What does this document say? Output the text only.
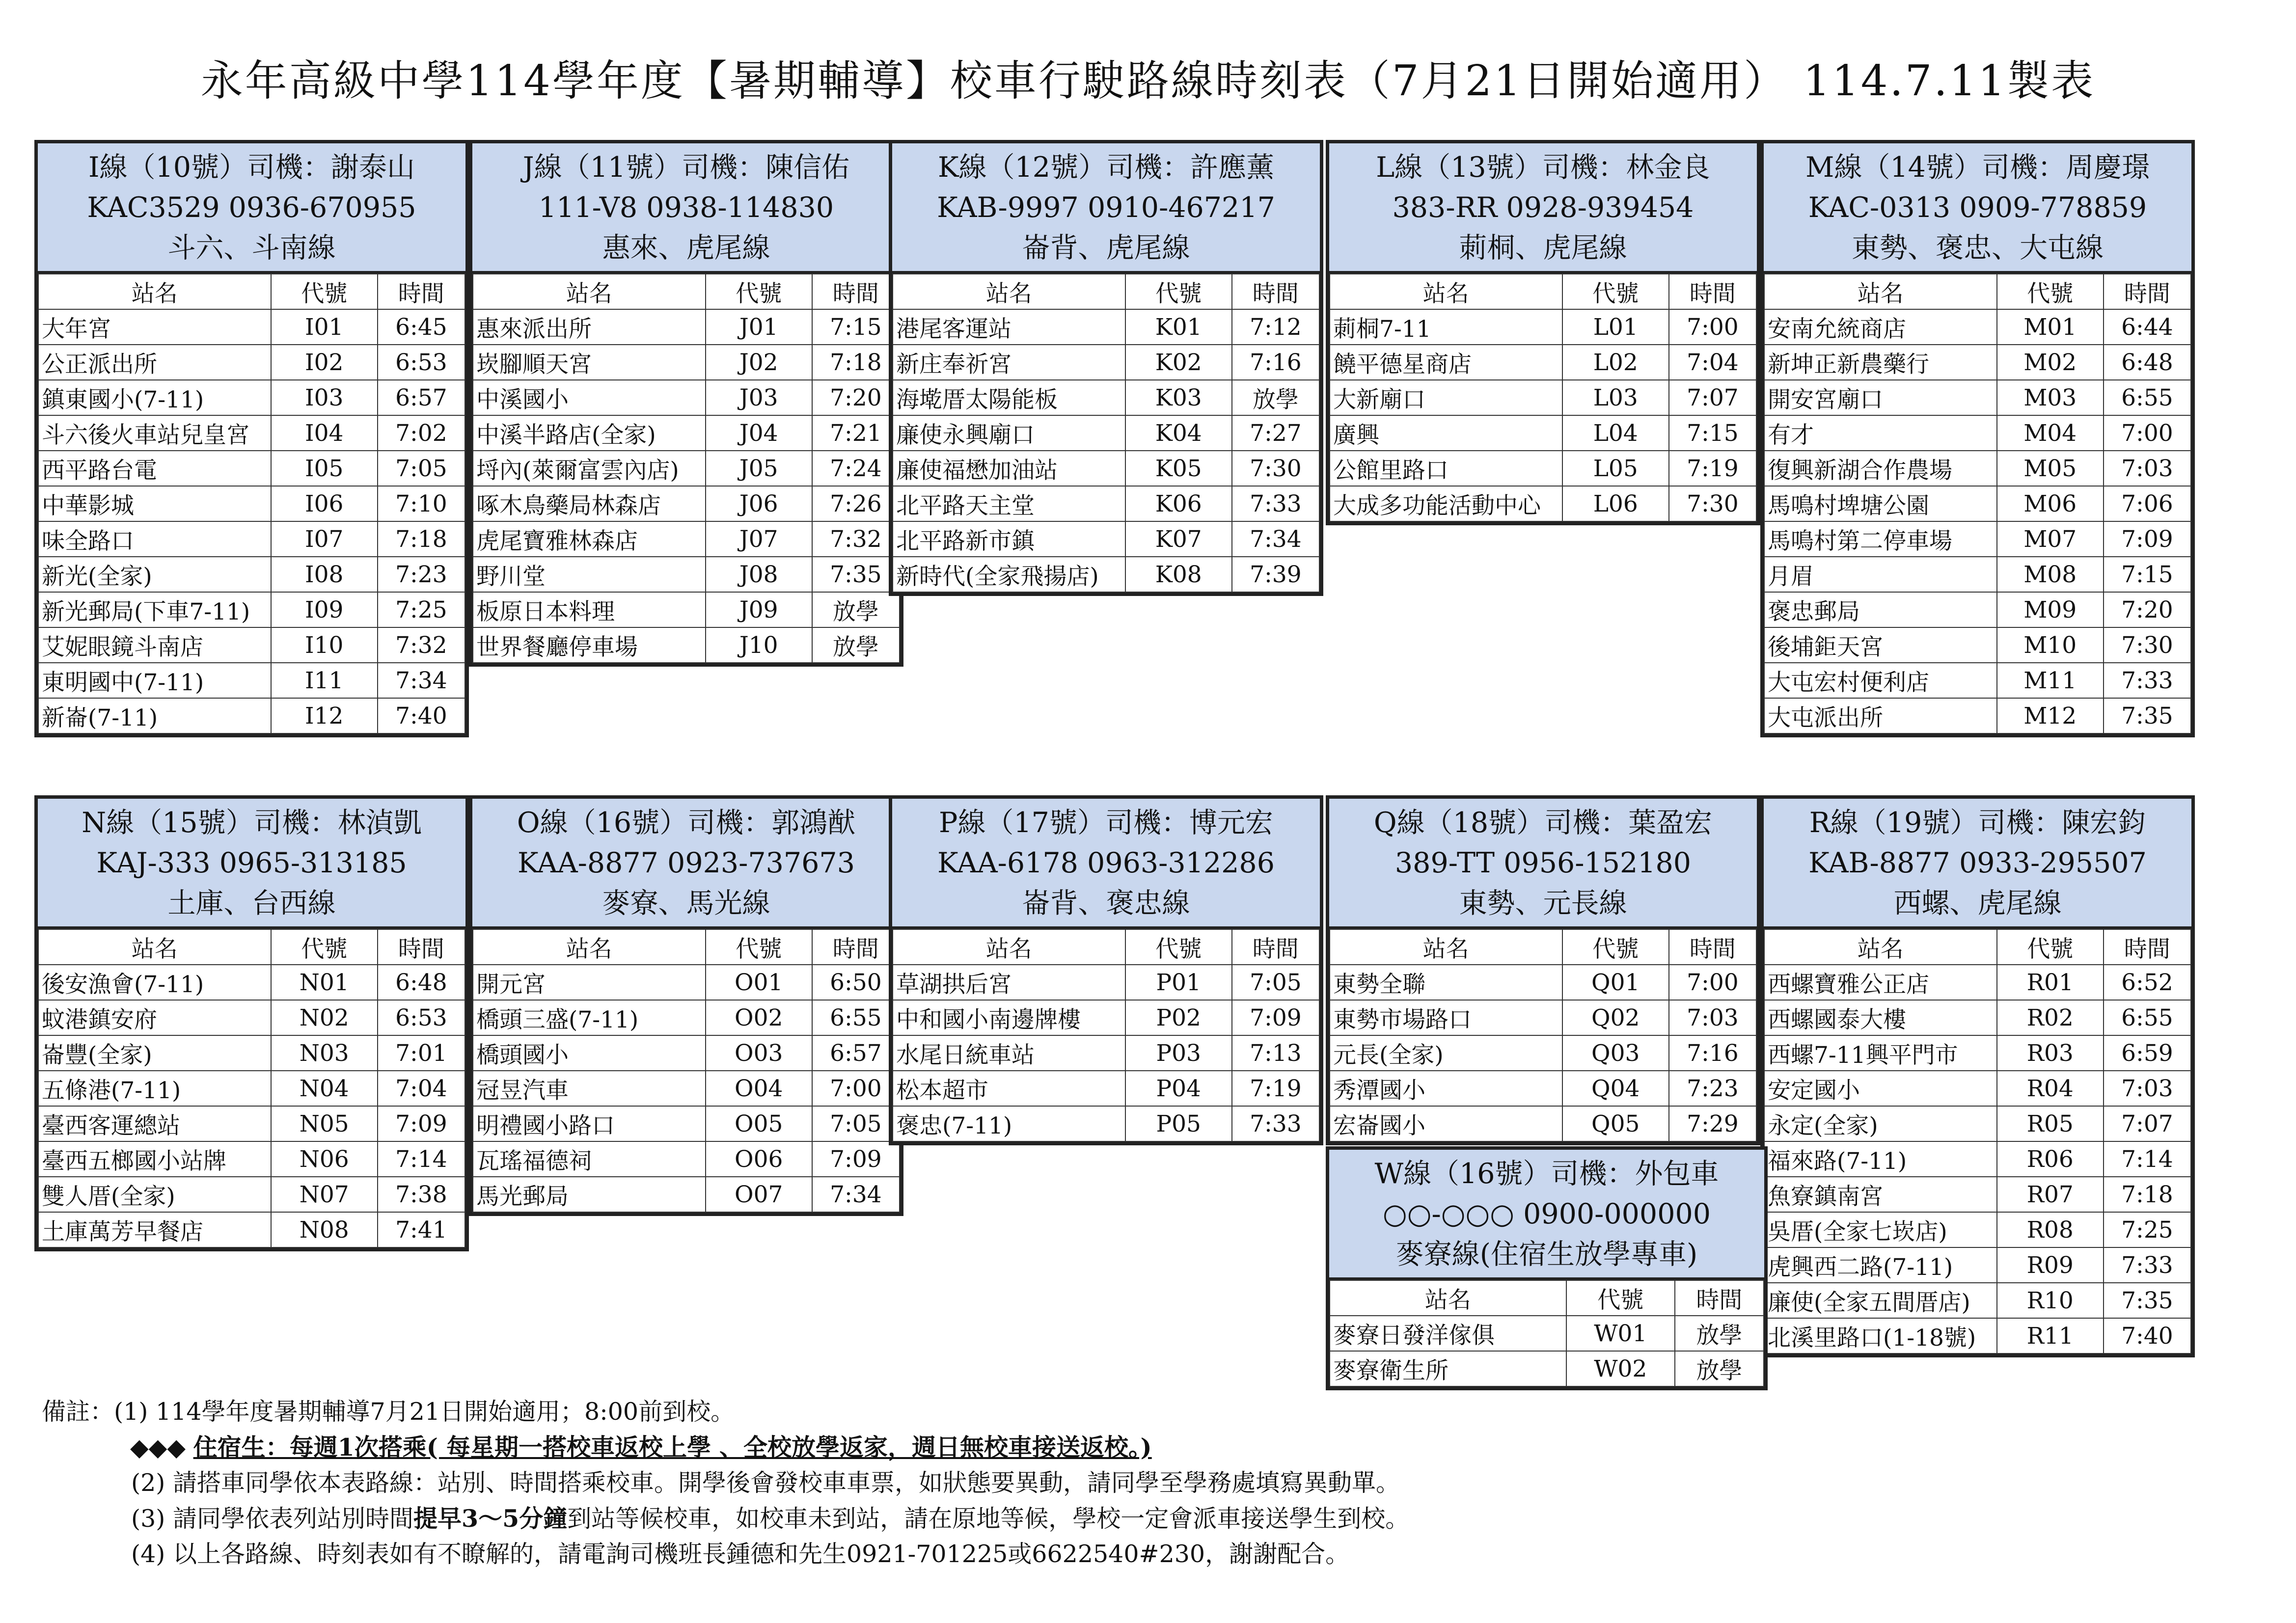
永年高級中學114學年度【暑期輔導】校車行駛路線時刻表（7月21日開始適用） 114.7.11製表
I線（10號）司機：謝泰山
KAC3529 0936-670955
斗六、斗南線
站名	代號	時間
大年宮	I01	6:45
公正派出所	I02	6:53
鎮東國小(7-11)	I03	6:57
斗六後火車站兒皇宮	I04	7:02
西平路台電	I05	7:05
中華影城	I06	7:10
味全路口	I07	7:18
新光(全家)	I08	7:23
新光郵局(下車7-11)	I09	7:25
艾妮眼鏡斗南店	I10	7:32
東明國中(7-11)	I11	7:34
新崙(7-11)	I12	7:40
J線（11號）司機：陳信佑
111-V8 0938-114830
惠來、虎尾線
站名	代號	時間
惠來派出所	J01	7:15
崁腳順天宮	J02	7:18
中溪國小	J03	7:20
中溪半路店(全家)	J04	7:21
埒內(萊爾富雲內店)	J05	7:24
啄木鳥藥局林森店	J06	7:26
虎尾寶雅林森店	J07	7:32
野川堂	J08	7:35
板原日本料理	J09	放學
世界餐廳停車場	J10	放學
K線（12號）司機：許應薰
KAB-9997 0910-467217
崙背、虎尾線
站名	代號	時間
港尾客運站	K01	7:12
新庄奉祈宮	K02	7:16
海墘厝太陽能板	K03	放學
廉使永興廟口	K04	7:27
廉使福懋加油站	K05	7:30
北平路天主堂	K06	7:33
北平路新市鎮	K07	7:34
新時代(全家飛揚店)	K08	7:39
L線（13號）司機：林金良
383-RR 0928-939454
莿桐、虎尾線
站名	代號	時間
莿桐7-11	L01	7:00
饒平德星商店	L02	7:04
大新廟口	L03	7:07
廣興	L04	7:15
公館里路口	L05	7:19
大成多功能活動中心	L06	7:30
M線（14號）司機：周慶璟
KAC-0313 0909-778859
東勢、褒忠、大屯線
站名	代號	時間
安南允統商店	M01	6:44
新坤正新農藥行	M02	6:48
開安宮廟口	M03	6:55
有才	M04	7:00
復興新湖合作農場	M05	7:03
馬鳴村埤塘公園	M06	7:06
馬鳴村第二停車場	M07	7:09
月眉	M08	7:15
褒忠郵局	M09	7:20
後埔鉅天宮	M10	7:30
大屯宏村便利店	M11	7:33
大屯派出所	M12	7:35
N線（15號）司機：林湞凱
KAJ-333 0965-313185
土庫、台西線
站名	代號	時間
後安漁會(7-11)	N01	6:48
蚊港鎮安府	N02	6:53
崙豐(全家)	N03	7:01
五條港(7-11)	N04	7:04
臺西客運總站	N05	7:09
臺西五榔國小站牌	N06	7:14
雙人厝(全家)	N07	7:38
土庫萬芳早餐店	N08	7:41
O線（16號）司機：郭鴻猷
KAA-8877 0923-737673
麥寮、馬光線
站名	代號	時間
開元宮	O01	6:50
橋頭三盛(7-11)	O02	6:55
橋頭國小	O03	6:57
冠昱汽車	O04	7:00
明禮國小路口	O05	7:05
瓦瑤福德祠	O06	7:09
馬光郵局	O07	7:34
P線（17號）司機：博元宏
KAA-6178 0963-312286
崙背、褒忠線
站名	代號	時間
草湖拱后宮	P01	7:05
中和國小南邊牌樓	P02	7:09
水尾日統車站	P03	7:13
松本超市	P04	7:19
褒忠(7-11)	P05	7:33
Q線（18號）司機：葉盈宏
389-TT 0956-152180
東勢、元長線
站名	代號	時間
東勢全聯	Q01	7:00
東勢市場路口	Q02	7:03
元長(全家)	Q03	7:16
秀潭國小	Q04	7:23
宏崙國小	Q05	7:29
R線（19號）司機：陳宏鈞
KAB-8877 0933-295507
西螺、虎尾線
站名	代號	時間
西螺寶雅公正店	R01	6:52
西螺國泰大樓	R02	6:55
西螺7-11興平門市	R03	6:59
安定國小	R04	7:03
永定(全家)	R05	7:07
福來路(7-11)	R06	7:14
魚寮鎮南宮	R07	7:18
吳厝(全家七崁店)	R08	7:25
虎興西二路(7-11)	R09	7:33
廉使(全家五間厝店)	R10	7:35
北溪里路口(1-18號)	R11	7:40
W線（16號）司機：外包車
○○-○○○ 0900-000000
麥寮線(住宿生放學專車)
站名	代號	時間
麥寮日發洋傢俱	W01	放學
麥寮衛生所	W02	放學
備註：(1) 114學年度暑期輔導7月21日開始適用；8:00前到校。
◆◆◆ 住宿生：每週1次搭乘( 每星期一搭校車返校上學 、全校放學返家，週日無校車接送返校。)
(2) 請搭車同學依本表路線：站別、時間搭乘校車。開學後會發校車車票，如狀態要異動，請同學至學務處填寫異動單。
(3) 請同學依表列站別時間提早3～5分鐘到站等候校車，如校車未到站，請在原地等候，學校一定會派車接送學生到校。
(4) 以上各路線、時刻表如有不瞭解的，請電詢司機班長鍾德和先生0921-701225或6622540#230，謝謝配合。
